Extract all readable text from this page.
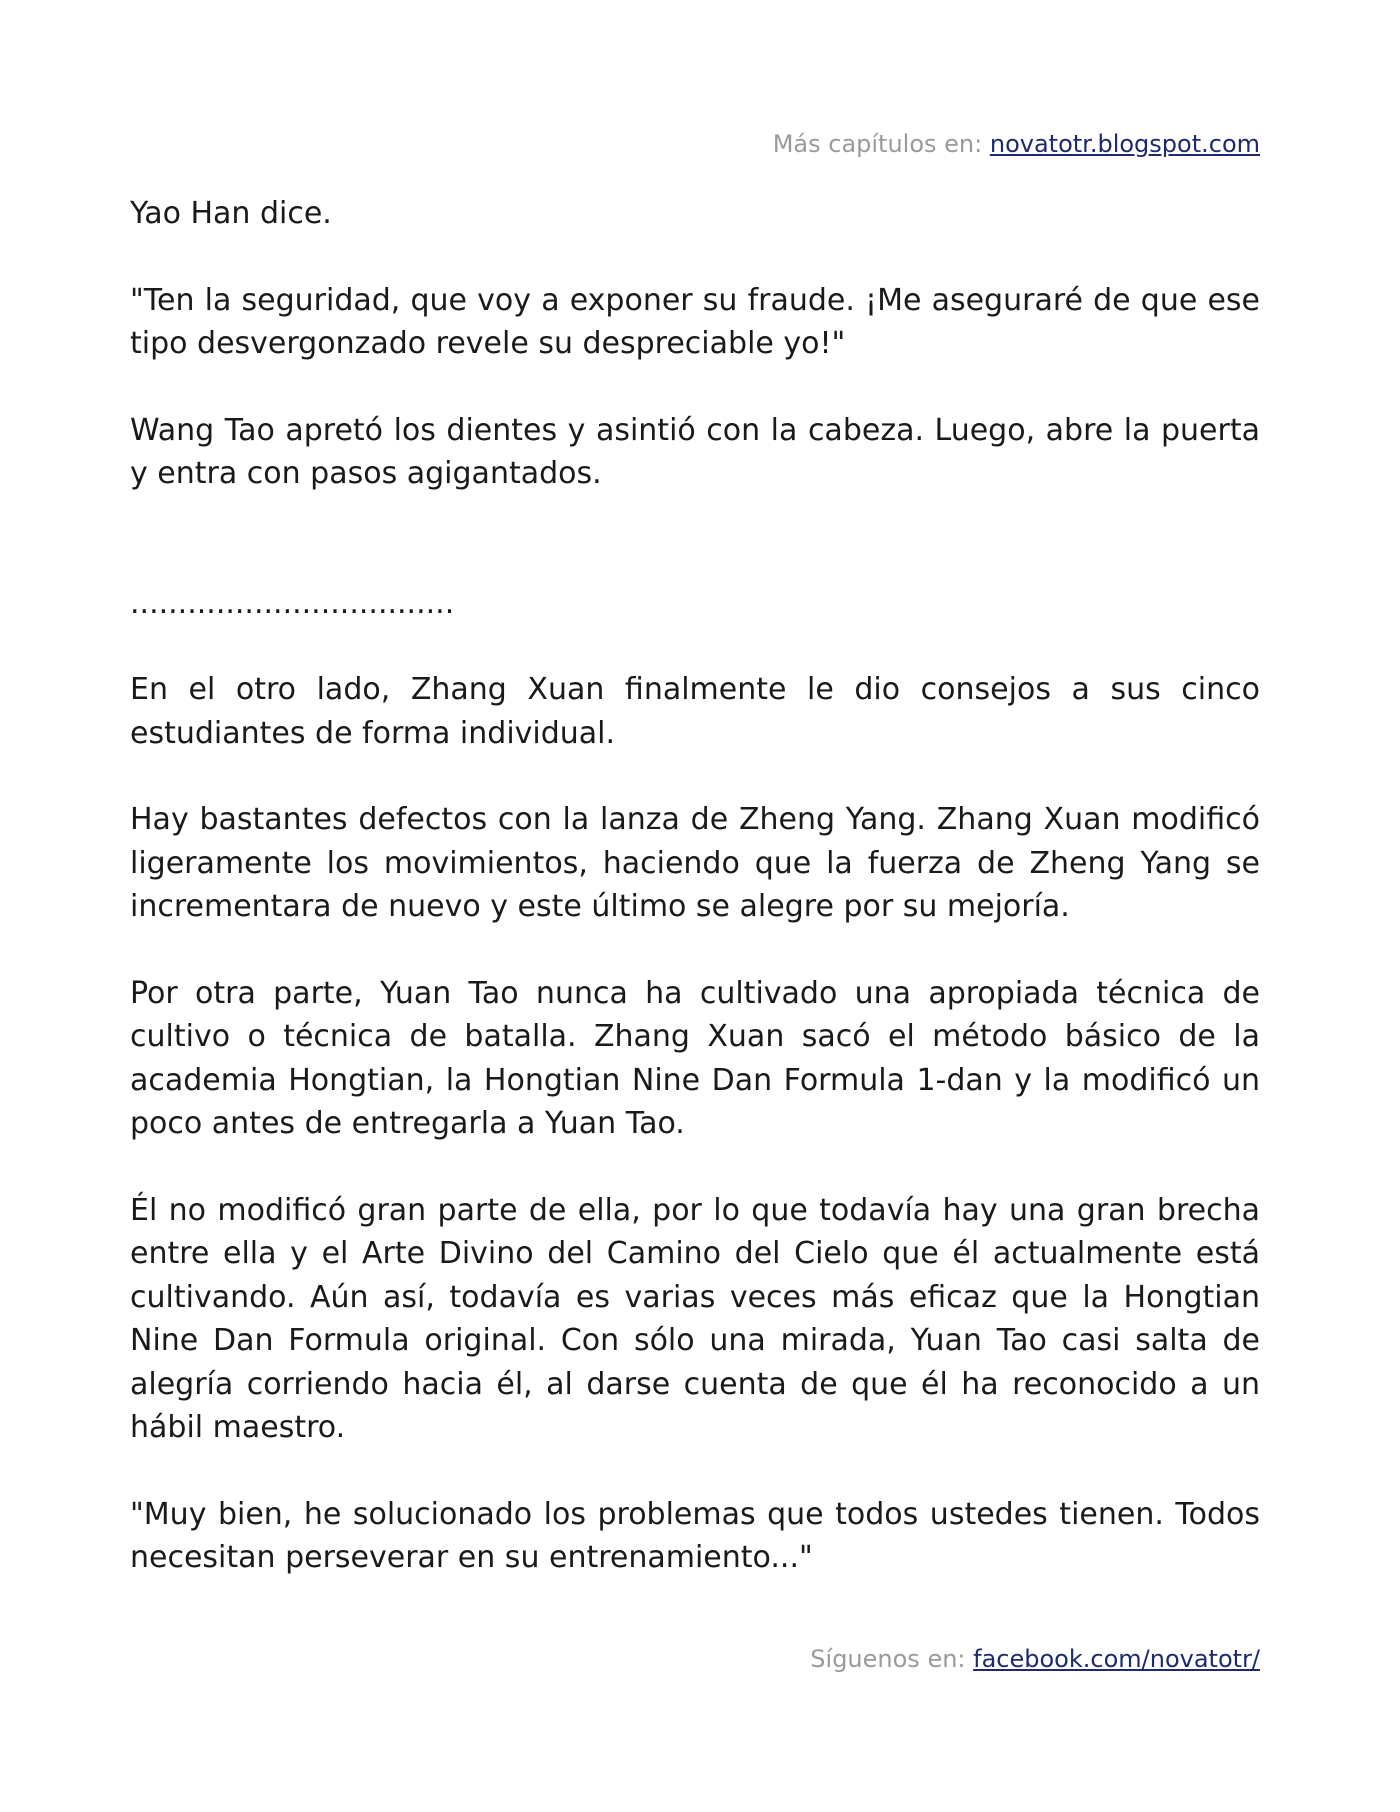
Más capítulos en: novatotr.blogspot.com

Yao Han dice.

"Ten la seguridad, que voy a exponer su fraude. ¡Me aseguraré de que ese tipo desvergonzado revele su despreciable yo!"

Wang Tao apretó los dientes y asintió con la cabeza. Luego, abre la puerta y entra con pasos agigantados.

..................................

En el otro lado, Zhang Xuan finalmente le dio consejos a sus cinco estudiantes de forma individual.

Hay bastantes defectos con la lanza de Zheng Yang. Zhang Xuan modificó ligeramente los movimientos, haciendo que la fuerza de Zheng Yang se incrementara de nuevo y este último se alegre por su mejoría.

Por otra parte, Yuan Tao nunca ha cultivado una apropiada técnica de cultivo o técnica de batalla. Zhang Xuan sacó el método básico de la academia Hongtian, la Hongtian Nine Dan Formula 1-dan y la modificó un poco antes de entregarla a Yuan Tao.

Él no modificó gran parte de ella, por lo que todavía hay una gran brecha entre ella y el Arte Divino del Camino del Cielo que él actualmente está cultivando. Aún así, todavía es varias veces más eficaz que la Hongtian Nine Dan Formula original. Con sólo una mirada, Yuan Tao casi salta de alegría corriendo hacia él, al darse cuenta de que él ha reconocido a un hábil maestro.

"Muy bien, he solucionado los problemas que todos ustedes tienen. Todos necesitan perseverar en su entrenamiento..."

Síguenos en: facebook.com/novatotr/
